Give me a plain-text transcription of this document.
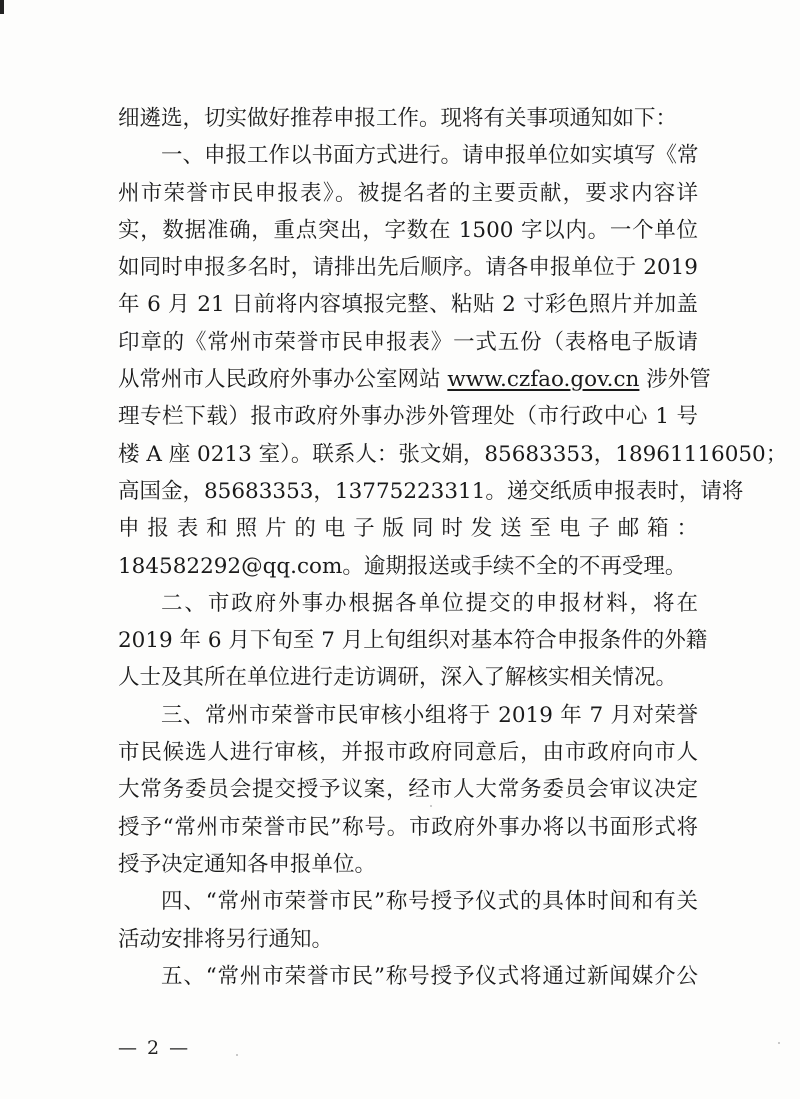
细遴选，切实做好推荐申报工作。现将有关事项通知如下：
一、申报工作以书面方式进行。请申报单位如实填写《常
州市荣誉市民申报表》。被提名者的主要贡献，要求内容详
实，数据准确，重点突出，字数在 1500 字以内。一个单位
如同时申报多名时，请排出先后顺序。请各申报单位于 2019
年 6 月 21 日前将内容填报完整、粘贴 2 寸彩色照片并加盖
印章的《常州市荣誉市民申报表》一式五份（表格电子版请
从常州市人民政府外事办公室网站 www.czfao.gov.cn 涉外管
理专栏下载）报市政府外事办涉外管理处（市行政中心 1 号
楼 A 座 0213 室）。联系人：张文娟，85683353，18961116050；
高国金，85683353，13775223311。递交纸质申报表时，请将
申报表和照片的电子版同时发送至电子邮箱：
184582292@qq.com。逾期报送或手续不全的不再受理。
二、市政府外事办根据各单位提交的申报材料，将在
2019 年 6 月下旬至 7 月上旬组织对基本符合申报条件的外籍
人士及其所在单位进行走访调研，深入了解核实相关情况。
三、常州市荣誉市民审核小组将于 2019 年 7 月对荣誉
市民候选人进行审核，并报市政府同意后，由市政府向市人
大常务委员会提交授予议案，经市人大常务委员会审议决定
授予“常州市荣誉市民”称号。市政府外事办将以书面形式将
授予决定通知各申报单位。
四、“常州市荣誉市民”称号授予仪式的具体时间和有关
活动安排将另行通知。
五、“常州市荣誉市民”称号授予仪式将通过新闻媒介公
— 2 —
